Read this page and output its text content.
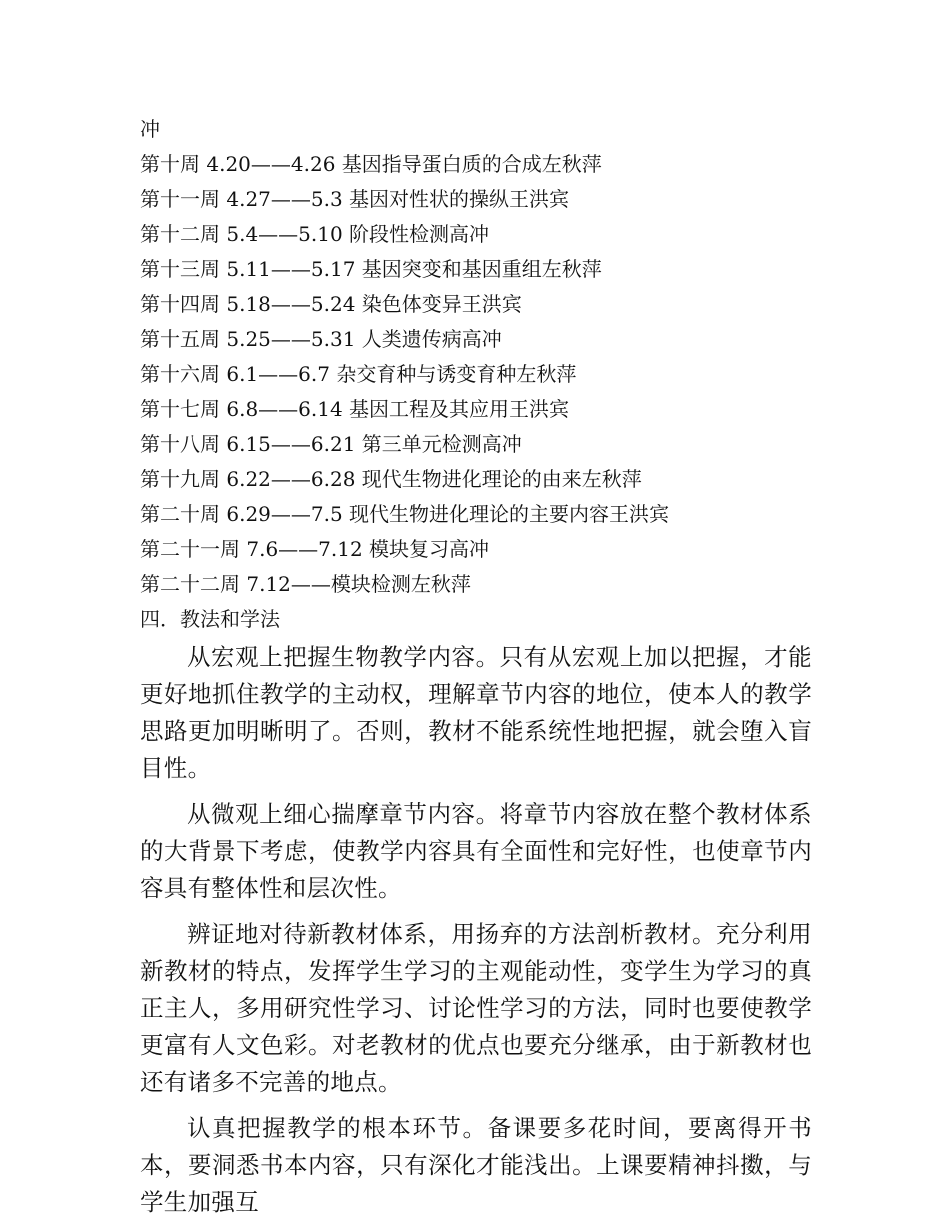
冲
第十周 4.20——4.26 基因指导蛋白质的合成左秋萍
第十一周 4.27——5.3 基因对性状的操纵王洪宾
第十二周 5.4——5.10 阶段性检测高冲
第十三周 5.11——5.17 基因突变和基因重组左秋萍
第十四周 5.18——5.24 染色体变异王洪宾
第十五周 5.25——5.31 人类遗传病高冲
第十六周 6.1——6.7 杂交育种与诱变育种左秋萍
第十七周 6.8——6.14 基因工程及其应用王洪宾
第十八周 6.15——6.21 第三单元检测高冲
第十九周 6.22——6.28 现代生物进化理论的由来左秋萍
第二十周 6.29——7.5 现代生物进化理论的主要内容王洪宾
第二十一周 7.6——7.12 模块复习高冲
第二十二周 7.12——模块检测左秋萍
四．教法和学法

从宏观上把握生物教学内容。只有从宏观上加以把握，才能更好地抓住教学的主动权，理解章节内容的地位，使本人的教学思路更加明晰明了。否则，教材不能系统性地把握，就会堕入盲目性。

从微观上细心揣摩章节内容。将章节内容放在整个教材体系的大背景下考虑，使教学内容具有全面性和完好性，也使章节内容具有整体性和层次性。

辨证地对待新教材体系，用扬弃的方法剖析教材。充分利用新教材的特点，发挥学生学习的主观能动性，变学生为学习的真正主人，多用研究性学习、讨论性学习的方法，同时也要使教学更富有人文色彩。对老教材的优点也要充分继承，由于新教材也还有诸多不完善的地点。

认真把握教学的根本环节。备课要多花时间，要离得开书本，要洞悉书本内容，只有深化才能浅出。上课要精神抖擞，与学生加强互
